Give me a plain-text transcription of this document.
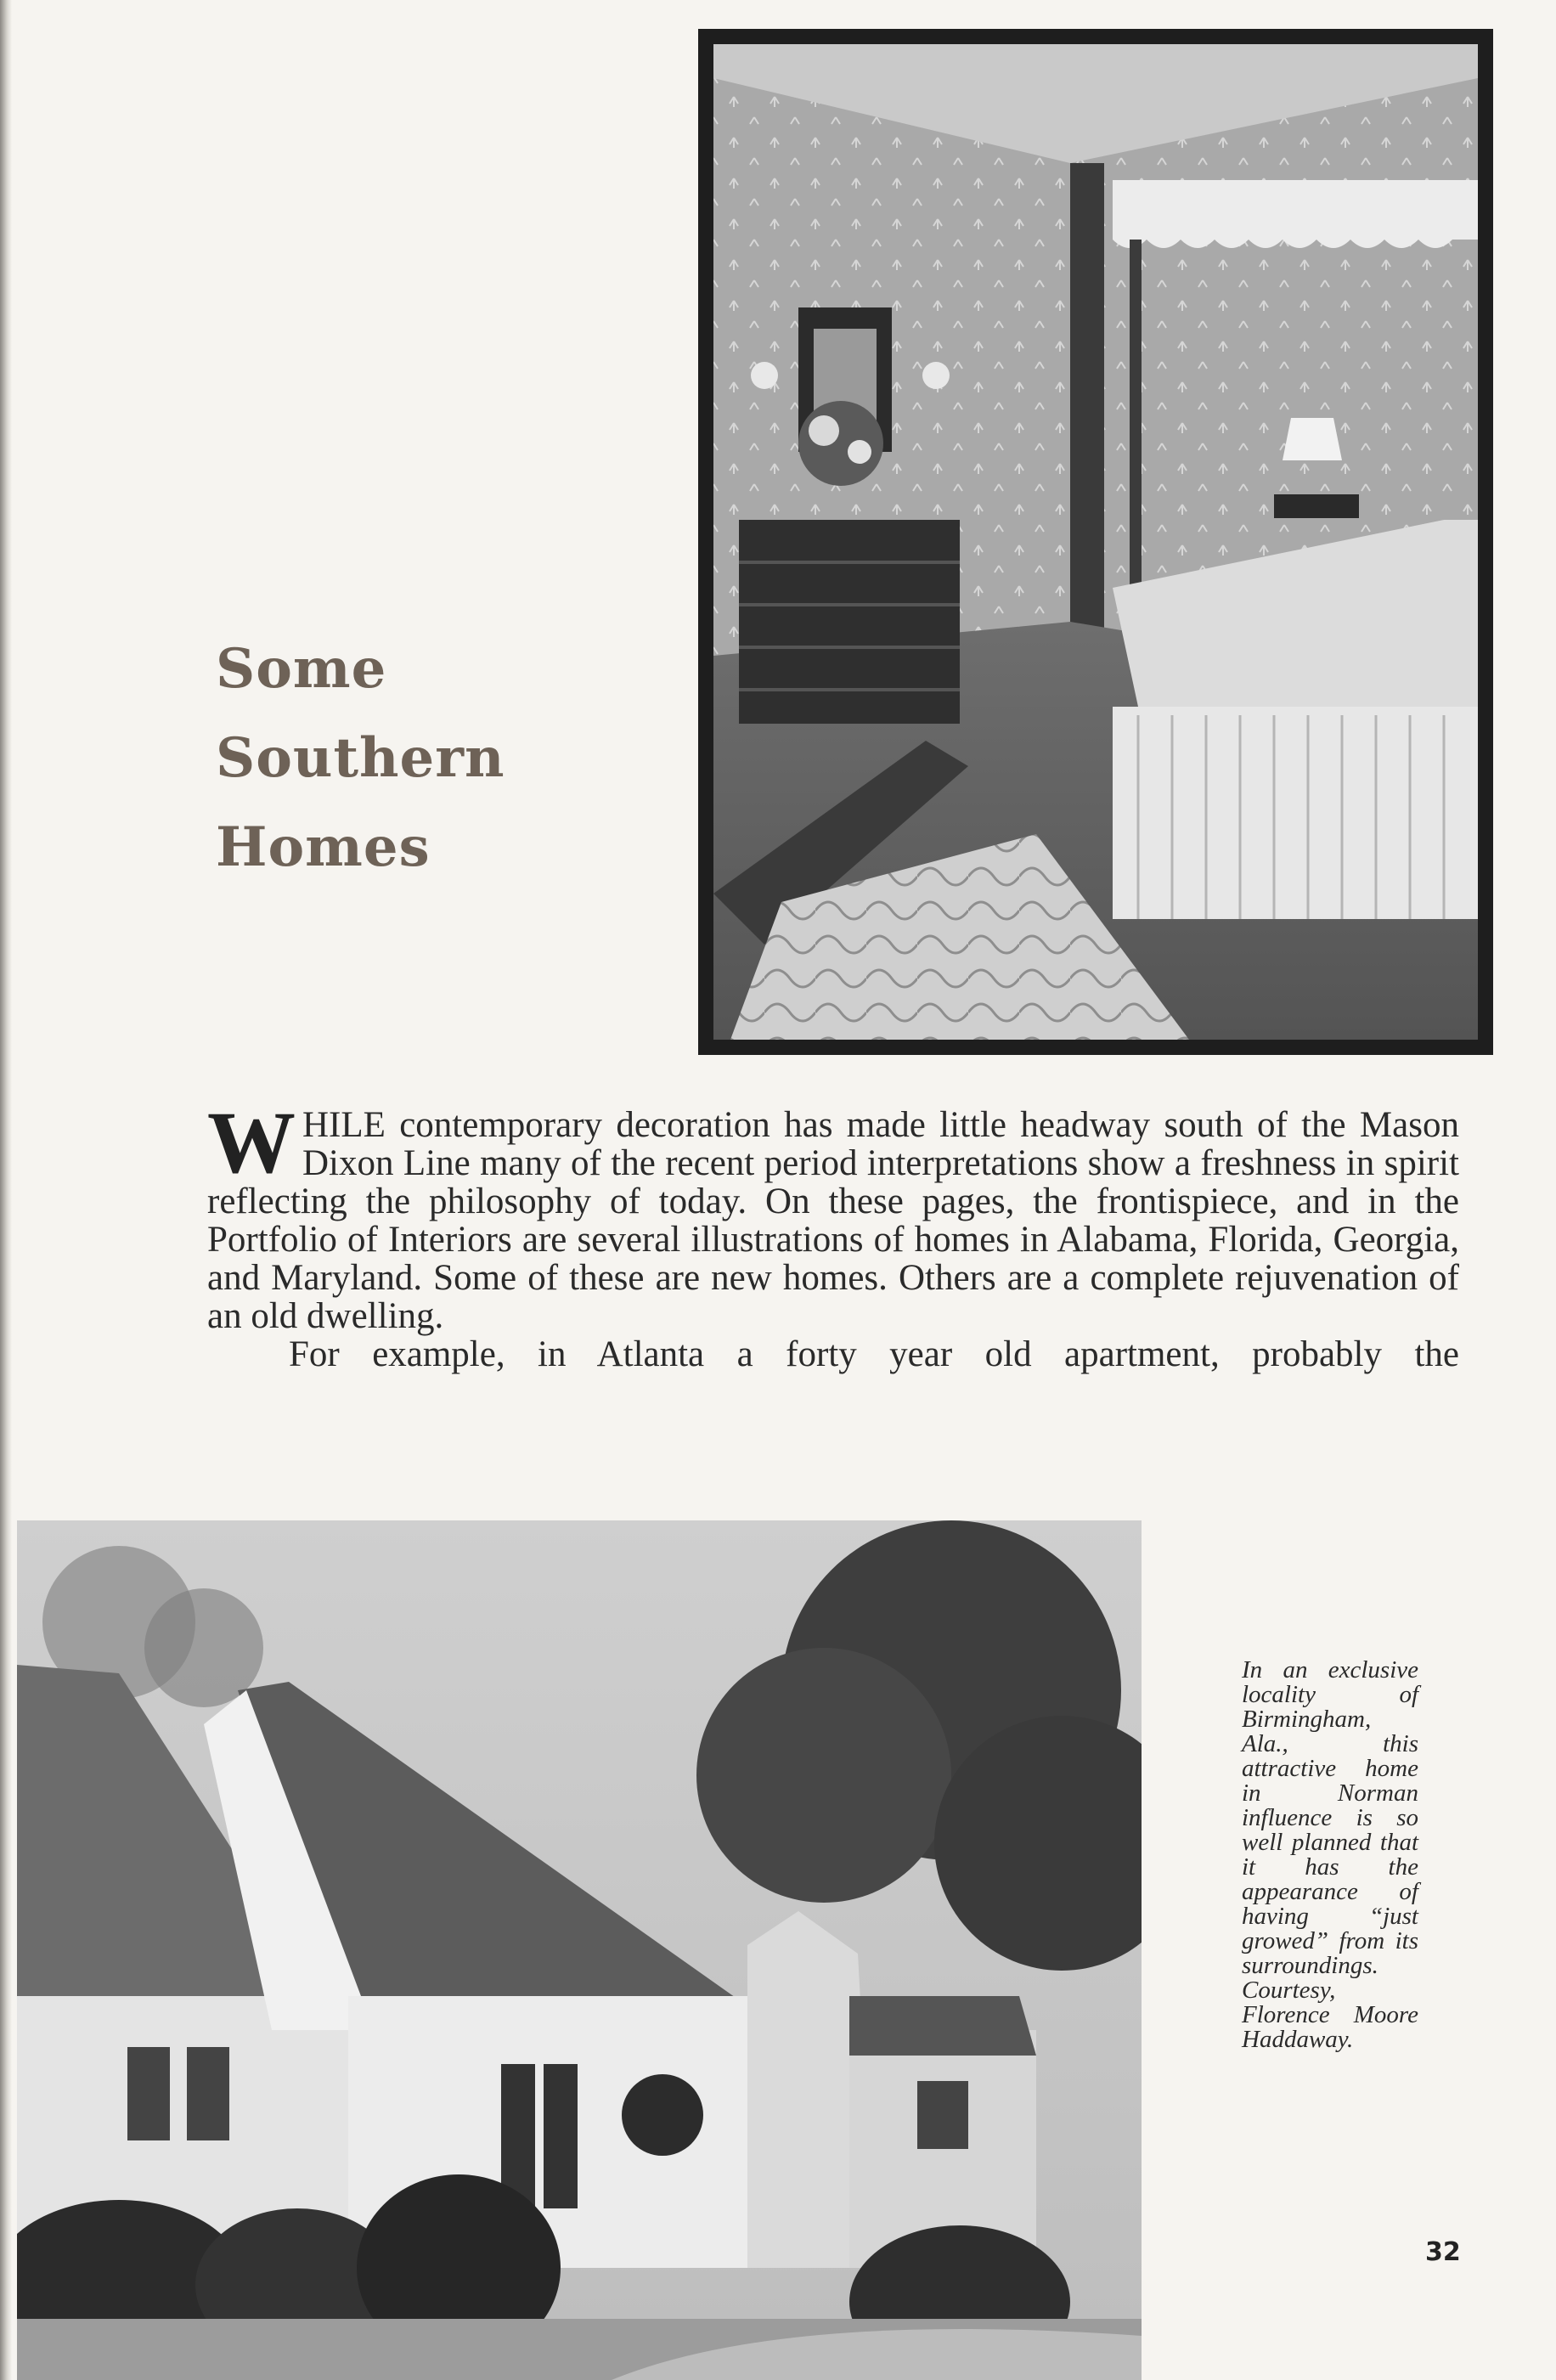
Some
Southern
Homes

WHILE contemporary decoration has made little headway south of the Mason Dixon Line many of the recent period interpretations show a freshness in spirit reflecting the philosophy of today. On these pages, the frontispiece, and in the Portfolio of Interiors are several illustrations of homes in Alabama, Florida, Georgia, and Maryland. Some of these are new homes. Others are a complete rejuvenation of an old dwelling.

For example, in Atlanta a forty year old apartment, probably the

In an exclusive locality of Birmingham, Ala., this attractive home in Norman influence is so well planned that it has the appearance of having “just growed” from its surroundings. Courtesy, Florence Moore Haddaway.
32
